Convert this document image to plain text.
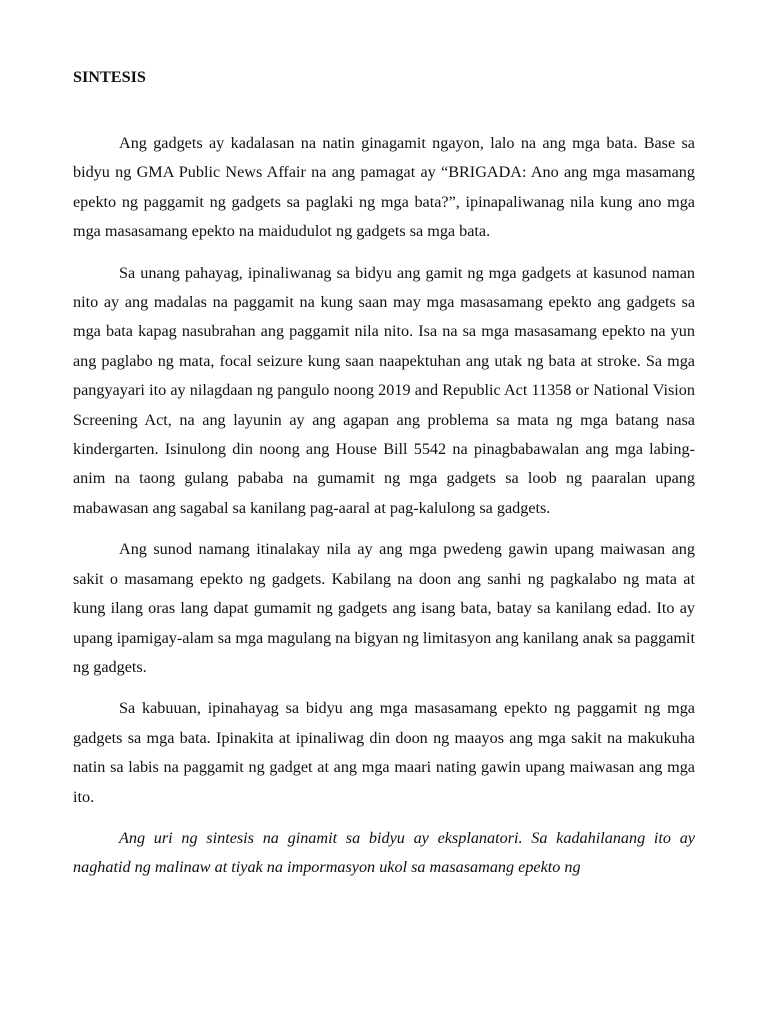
SINTESIS

Ang gadgets ay kadalasan na natin ginagamit ngayon, lalo na ang mga bata. Base sa bidyu ng GMA Public News Affair na ang pamagat ay “BRIGADA: Ano ang mga masamang epekto ng paggamit ng gadgets sa paglaki ng mga bata?”, ipinapaliwanag nila kung ano mga mga masasamang epekto na maidudulot ng gadgets sa mga bata.

Sa unang pahayag, ipinaliwanag sa bidyu ang gamit ng mga gadgets at kasunod naman nito ay ang madalas na paggamit na kung saan may mga masasamang epekto ang gadgets sa mga bata kapag nasubrahan ang paggamit nila nito. Isa na sa mga masasamang epekto na yun ang paglabo ng mata, focal seizure kung saan naapektuhan ang utak ng bata at stroke. Sa mga pangyayari ito ay nilagdaan ng pangulo noong 2019 and Republic Act 11358 or National Vision Screening Act, na ang layunin ay ang agapan ang problema sa mata ng mga batang nasa kindergarten. Isinulong din noong ang House Bill 5542 na pinagbabawalan ang mga labing-anim na taong gulang pababa na gumamit ng mga gadgets sa loob ng paaralan upang mabawasan ang sagabal sa kanilang pag-aaral at pag-kalulong sa gadgets.

Ang sunod namang itinalakay nila ay ang mga pwedeng gawin upang maiwasan ang sakit o masamang epekto ng gadgets. Kabilang na doon ang sanhi ng pagkalabo ng mata at kung ilang oras lang dapat gumamit ng gadgets ang isang bata, batay sa kanilang edad. Ito ay upang ipamigay-alam sa mga magulang na bigyan ng limitasyon ang kanilang anak sa paggamit ng gadgets.

Sa kabuuan, ipinahayag sa bidyu ang mga masasamang epekto ng paggamit ng mga gadgets sa mga bata. Ipinakita at ipinaliwag din doon ng maayos ang mga sakit na makukuha natin sa labis na paggamit ng gadget at ang mga maari nating gawin upang maiwasan ang mga ito.

Ang uri ng sintesis na ginamit sa bidyu ay eksplanatori. Sa kadahilanang ito ay naghatid ng malinaw at tiyak na impormasyon ukol sa masasamang epekto ng
